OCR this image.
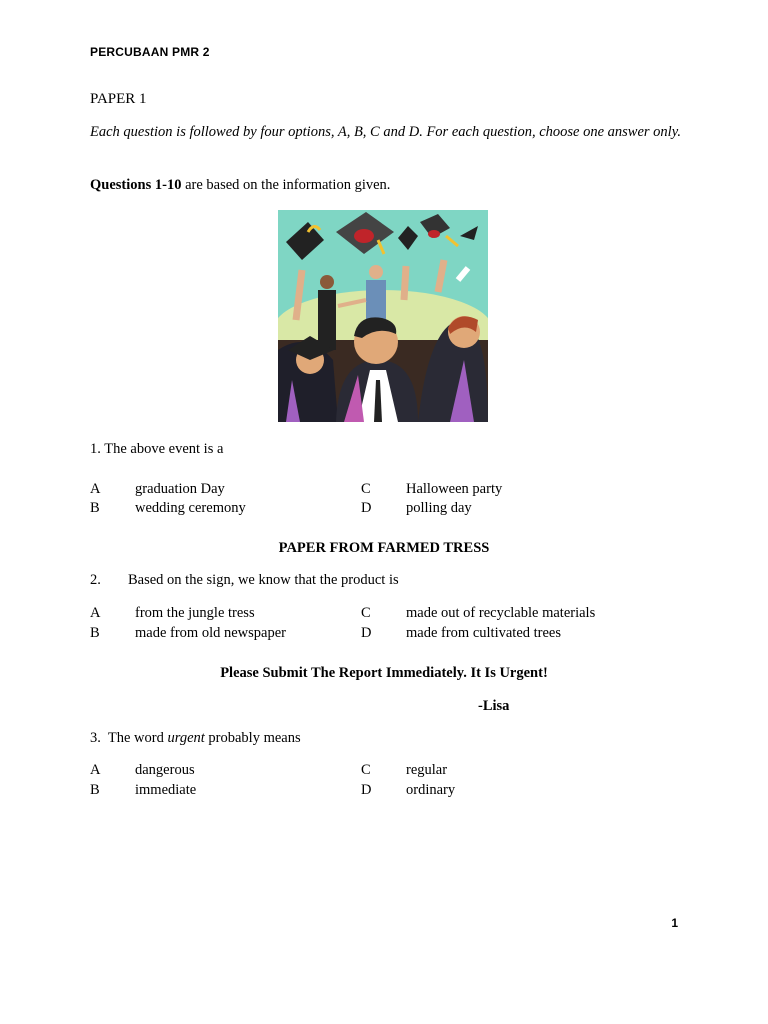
PERCUBAAN PMR 2
PAPER 1
Each question is followed by four options, A, B, C and D. For each question, choose one answer only.
Questions 1-10 are based on the information given.
1. The above event is a
A graduation Day
B wedding ceremony
C Halloween party
D polling day
PAPER FROM FARMED TRESS
2. Based on the sign, we know that the product is
A from the jungle tress
B made from old newspaper
C made out of recyclable materials
D made from cultivated trees
Please Submit The Report Immediately. It Is Urgent!
-Lisa
3.  The word urgent probably means
A dangerous
B immediate
C regular
D ordinary
1
